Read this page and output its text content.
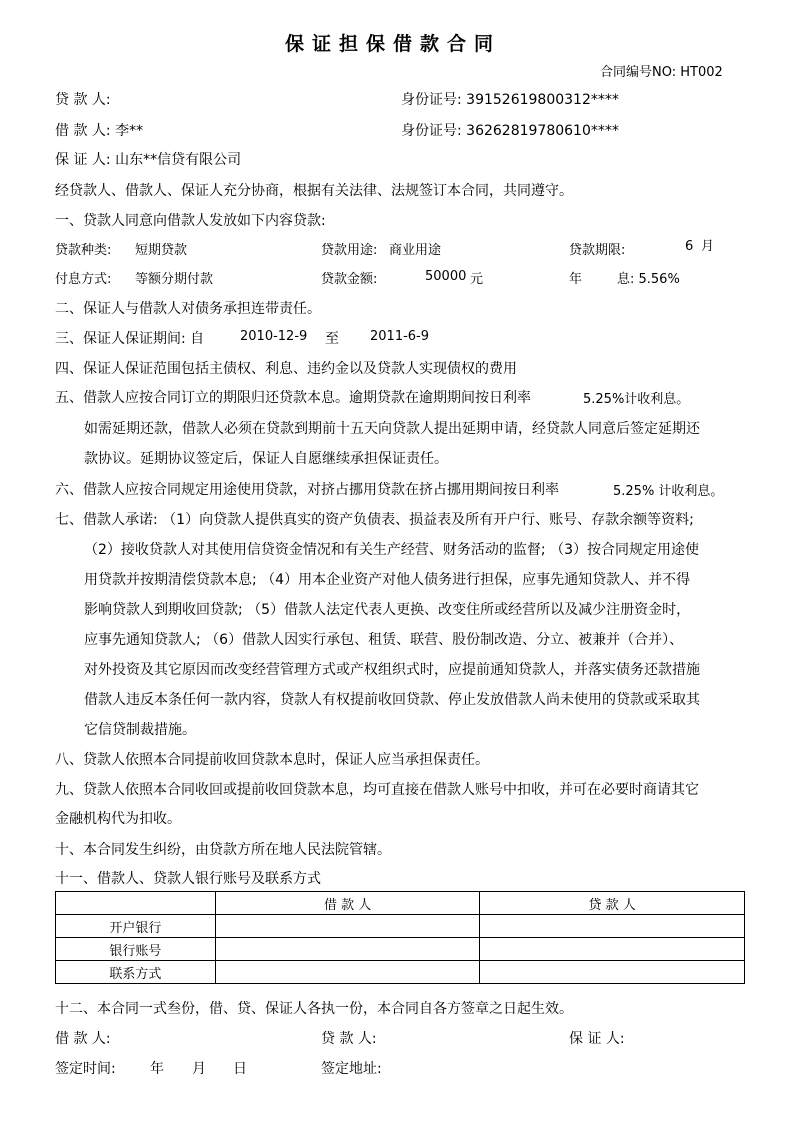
保证担保借款合同
合同编号NO: HT002
贷 款 人:	身份证号: 39152619800312****
借 款 人: 李**	身份证号: 36262819780610****
保 证 人: 山东**信贷有限公司
经贷款人、借款人、保证人充分协商，根据有关法律、法规签订本合同，共同遵守。
一、贷款人同意向借款人发放如下内容贷款:
贷款种类: 短期贷款	贷款用途: 商业用途	贷款期限:	6 月
付息方式: 等额分期付款	贷款金额:	50000 元	年	息: 5.56%
二、保证人与借款人对债务承担连带责任。
三、保证人保证期间: 自	2010-12-9 至 2011-6-9
四、保证人保证范围包括主债权、利息、违约金以及贷款人实现债权的费用
五、借款人应按合同订立的期限归还贷款本息。逾期贷款在逾期期间按日利率	5.25%计收利息。
如需延期还款，借款人必须在贷款到期前十五天向贷款人提出延期申请，经贷款人同意后签定延期还
款协议。延期协议签定后，保证人自愿继续承担保证责任。
六、借款人应按合同规定用途使用贷款，对挤占挪用贷款在挤占挪用期间按日利率	5.25% 计收利息。
七、借款人承诺: （1）向贷款人提供真实的资产负债表、损益表及所有开户行、账号、存款余额等资料;
（2）接收贷款人对其使用信贷资金情况和有关生产经营、财务活动的监督; （3）按合同规定用途使
用贷款并按期清偿贷款本息; （4）用本企业资产对他人债务进行担保，应事先通知贷款人、并不得
影响贷款人到期收回贷款; （5）借款人法定代表人更换、改变住所或经营所以及减少注册资金时，
应事先通知贷款人; （6）借款人因实行承包、租赁、联营、股份制改造、分立、被兼并（合并）、
对外投资及其它原因而改变经营管理方式或产权组织式时，应提前通知贷款人，并落实债务还款措施
借款人违反本条任何一款内容，贷款人有权提前收回贷款、停止发放借款人尚未使用的贷款或采取其
它信贷制裁措施。
八、贷款人依照本合同提前收回贷款本息时，保证人应当承担保责任。
九、贷款人依照本合同收回或提前收回贷款本息，均可直接在借款人账号中扣收，并可在必要时商请其它
金融机构代为扣收。
十、本合同发生纠纷，由贷款方所在地人民法院管辖。
十一、借款人、贷款人银行账号及联系方式
	借 款 人	贷 款 人
开户银行		
银行账号		
联系方式		
十二、本合同一式叁份，借、贷、保证人各执一份，本合同自各方签章之日起生效。
借 款 人:	贷 款 人:	保 证 人:
签定时间: 年 月 日	签定地址:
